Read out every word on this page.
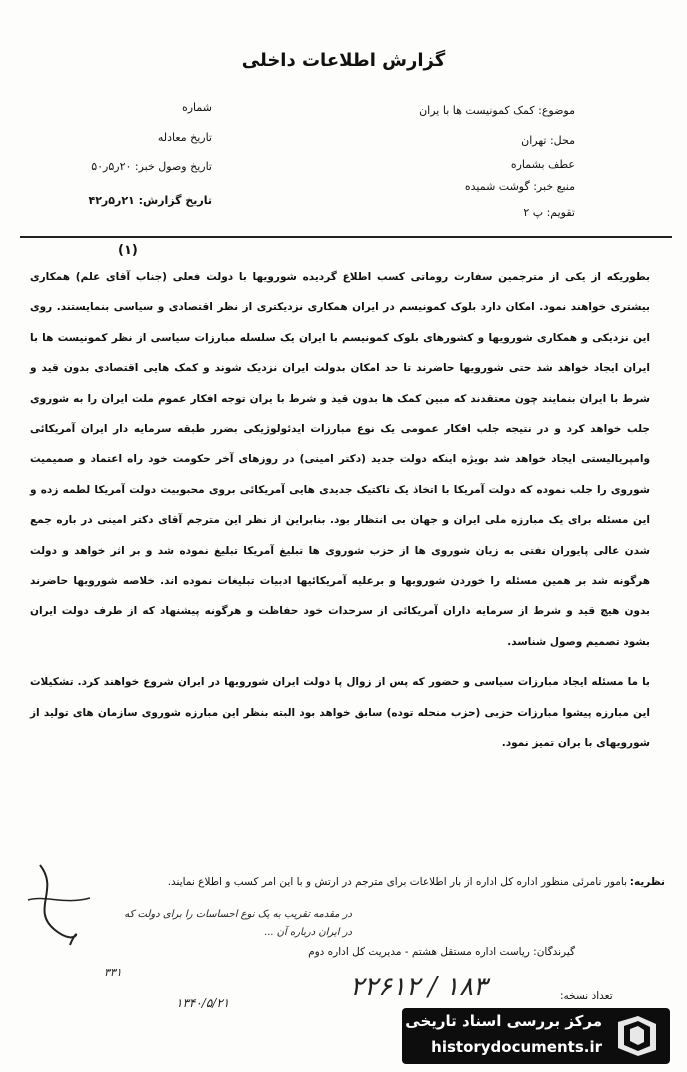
گزارش اطلاعات داخلی
موضوع: کمک کمونیست ها با یران
محل: تهران
عطف بشماره
منبع خبر: گوشت شمیده
تقویم: پ ۲
شماره
تاریخ معادله
تاریخ وصول خبر: ۲۰ر۵ر۵۰
تاریخ گزارش: ۲۱ر۵ر۴۲
(۱)

بطوریکه از یکی از مترجمین سفارت روماتی کسب اطلاع گردیده شورویها با دولت فعلی (جناب آقای علم) همکاری بیشتری خواهند نمود. امکان دارد بلوک کمونیسم در ایران همکاری نزدیکتری از نظر اقتصادی و سیاسی بنمایستند. روی این نزدیکی و همکاری شورویها و کشورهای بلوک کمونیسم با ایران یک سلسله مبارزات سیاسی از نظر کمونیست ها با ایران ایجاد خواهد شد حتی شورویها حاضرند تا حد امکان بدولت ایران نزدیک شوند و کمک هایی اقتصادی بدون قید و شرط با ایران بنمایند چون معتقدند که مبین کمک ها بدون قید و شرط با یران توجه افکار عموم ملت ایران را به شوروی جلب خواهد کرد و در نتیجه جلب افکار عمومی یک نوع مبارزات ایدئولوژیکی بضرر طبقه سرمایه دار ایران آمریکائی وامپریالیستی ایجاد خواهد شد بویژه اینکه دولت جدید (دکتر امینی) در روزهای آخر حکومت خود راه اعتماد و صمیمیت شوروی را جلب نموده که دولت آمریکا با اتخاذ یک تاکتیک جدیدی هایی آمریکائی بروی محبوبیت دولت آمریکا لطمه زده و این مسئله برای یک مبارزه ملی ایران و جهان بی انتظار بود. بنابراین از نظر این مترجم آقای دکتر امینی در باره جمع شدن عالی پایوران نفتی به زیان شوروی ها از حزب شوروی ها تبلیغ آمریکا تبلیغ نموده شد و بر اثر خواهد و دولت هرگونه شد بر همین مسئله را خوردن شورویها و برعلیه آمریکائیها ادبیات تبلیغات نموده اند. خلاصه شورویها حاضرند بدون هیچ قید و شرط از سرمایه داران آمریکائی از سرحدات خود حفاظت و هرگونه پیشنهاد که از طرف دولت ایران بشود تصمیم وصول شناسد.

با ما مسئله ایجاد مبارزات سیاسی و حضور که پس از زوال پا دولت ایران شورویها در ایران شروع خواهند کرد. تشکیلات این مبارزه پیشوا مبارزات حزبی (حزب منحله توده) سابق خواهد بود البته بنظر این مبارزه شوروی سازمان های تولید از شورویهای با یران تمیز نمود.

نظریه:
بامور نامرئی منظور اداره کل اداره از بار اطلاعات برای مترجم در ارتش و با این امر کسب و اطلاع نمایند.
در مقدمه تقریب به یک نوع احساسات را برای دولت که در ایران درباره آن ...
گیرندگان: ریاست اداره مستقل هشتم - مدیریت کل اداره دوم
تعداد نسخه:
۲۲۶۱۲ / ۱۸۳
۱۳۴۰/۵/۲۱
۳۳۱
مرکز بررسی اسناد تاریخی
historydocuments.ir
